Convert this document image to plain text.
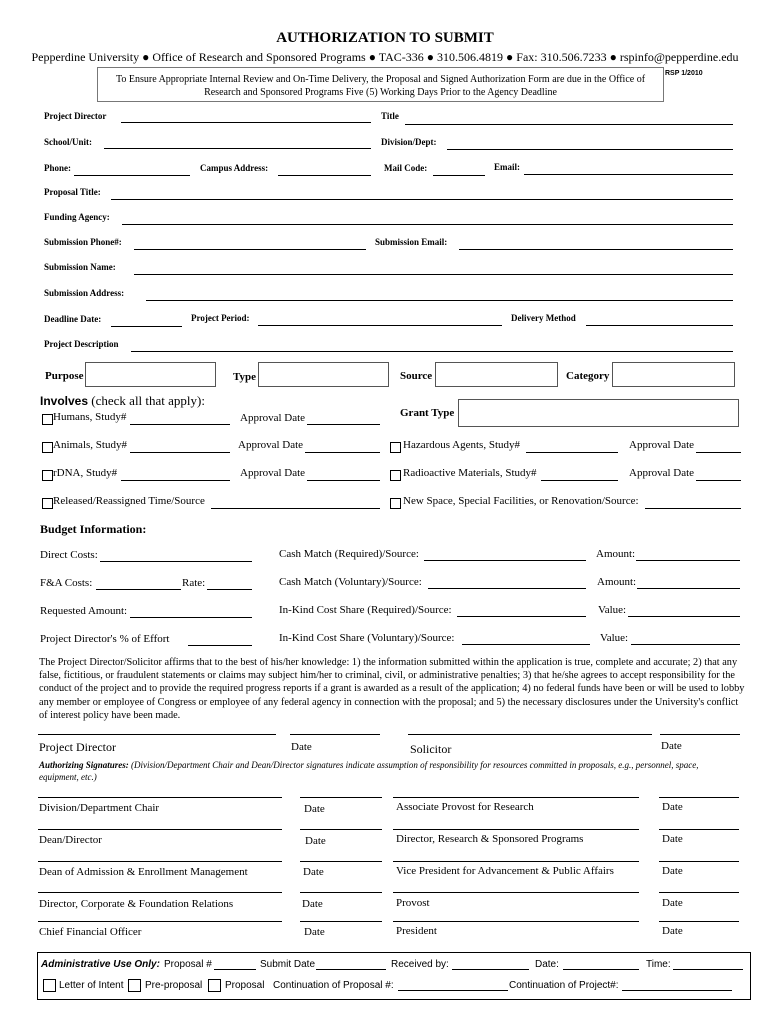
AUTHORIZATION TO SUBMIT
Pepperdine University ● Office of Research and Sponsored Programs ● TAC-336 ● 310.506.4819 ● Fax: 310.506.7233 ● rspinfo@pepperdine.edu
To Ensure Appropriate Internal Review and On-Time Delivery, the Proposal and Signed Authorization Form are due in the Office of
Research and Sponsored Programs Five (5) Working Days Prior to the Agency Deadline
RSP 1/2010
Project Director	Title
School/Unit:	Division/Dept:
Phone:	Campus Address:	Mail Code:	Email:
Proposal Title:
Funding Agency:
Submission Phone#:	Submission Email:
Submission Name:
Submission Address:
Deadline Date:	Project Period:	Delivery Method
Project Description
Purpose	Type	Source	Category
Involves (check all that apply):
Grant Type
Humans, Study#	Approval Date
Animals, Study#	Approval Date	Hazardous Agents, Study#	Approval Date
rDNA, Study#	Approval Date	Radioactive Materials, Study#	Approval Date
Released/Reassigned Time/Source	New Space, Special Facilities, or Renovation/Source:
Budget Information:
Direct Costs:	Cash Match (Required)/Source:	Amount:
F&A Costs:	Rate:	Cash Match (Voluntary)/Source:	Amount:
Requested Amount:	In-Kind Cost Share (Required)/Source:	Value:
Project Director's % of Effort	In-Kind Cost Share (Voluntary)/Source:	Value:
The Project Director/Solicitor affirms that to the best of his/her knowledge: 1) the information submitted within the application is true, complete and accurate; 2) that any false, fictitious, or fraudulent statements or claims may subject him/her to criminal, civil, or administrative penalties; 3) that he/she agrees to accept responsibility for the conduct of the project and to provide the required progress reports if a grant is awarded as a result of the application; 4) no federal funds have been or will be used to lobby any member or employee of Congress or employee of any federal agency in connection with the proposal; and 5) the necessary disclosures under the University's conflict of interest policy have been made.
Project Director	Date	Solicitor	Date
Authorizing Signatures: (Division/Department Chair and Dean/Director signatures indicate assumption of responsibility for resources committed in proposals, e.g., personnel, space, equipment, etc.)
Division/Department Chair	Date	Associate Provost for Research	Date
Dean/Director	Date	Director, Research & Sponsored Programs	Date
Dean of Admission & Enrollment Management	Date	Vice President for Advancement & Public Affairs	Date
Director, Corporate & Foundation Relations	Date	Provost	Date
Chief Financial Officer	Date	President	Date
Administrative Use Only: Proposal #	Submit Date	Received by:	Date:	Time:
Letter of Intent Pre-proposal Proposal Continuation of Proposal #:	Continuation of Project#:
